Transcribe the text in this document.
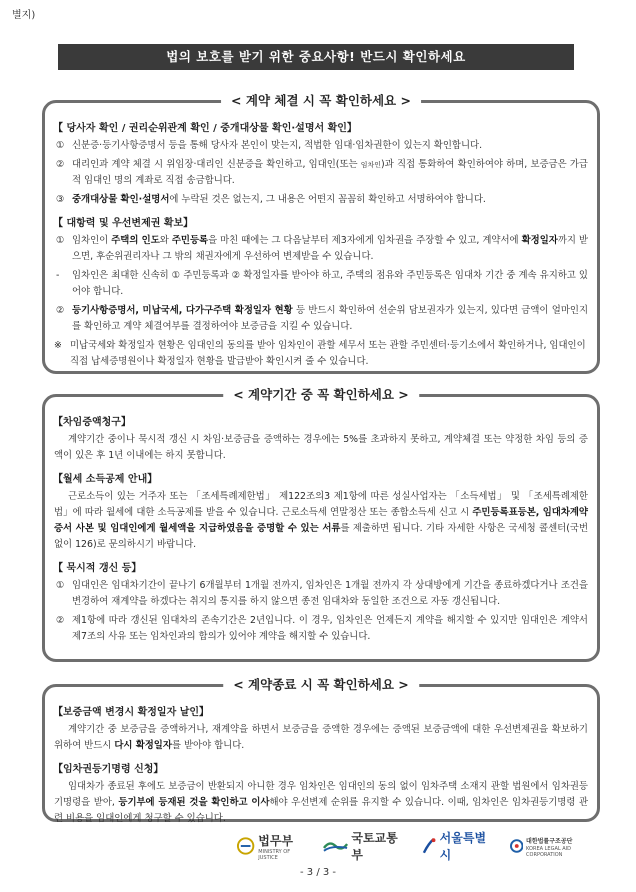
별지)
법의 보호를 받기 위한 중요사항! 반드시 확인하세요
< 계약 체결 시 꼭 확인하세요 >
【 당사자 확인 / 권리순위관계 확인 / 중개대상물 확인·설명서 확인】
① 신분증·등기사항증명서 등을 통해 당사자 본인이 맞는지, 적법한 임대·임차권한이 있는지 확인합니다.
② 대리인과 계약 체결 시 위임장·대리인 신분증을 확인하고, 임대인(또는 임차인)과 직접 통화하여 확인하여야 하며, 보증금은 가급적 임대인 명의 계좌로 직접 송금합니다.
③ 중개대상물 확인·설명서에 누락된 것은 없는지, 그 내용은 어떤지 꼼꼼히 확인하고 서명하여야 합니다.
【 대항력 및 우선변제권 확보】
① 임차인이 주택의 인도와 주민등록을 마친 때에는 그 다음날부터 제3자에게 임차권을 주장할 수 있고, 계약서에 확정일자까지 받으면, 후순위권리자나 그 밖의 채권자에게 우선하여 변제받을 수 있습니다.
-	임차인은 최대한 신속히 ① 주민등록과 ② 확정일자를 받아야 하고, 주택의 점유와 주민등록은 임대차 기간 중 계속 유지하고 있어야 합니다.
② 등기사항증명서, 미납국세, 다가구주택 확정일자 현황 등 반드시 확인하여 선순위 담보권자가 있는지, 있다면 금액이 얼마인지를 확인하고 계약 체결여부를 결정하여야 보증금을 지킬 수 있습니다.
※ 미납국세와 확정일자 현황은 임대인의 동의를 받아 임차인이 관할 세무서 또는 관할 주민센터·등기소에서 확인하거나, 임대인이 직접 납세증명원이나 확정일자 현황을 발급받아 확인시켜 줄 수 있습니다.
< 계약기간 중 꼭 확인하세요 >
【차임증액청구】
계약기간 중이나 묵시적 갱신 시 차임·보증금을 증액하는 경우에는 5%를 초과하지 못하고, 계약체결 또는 약정한 차임 등의 증액이 있은 후 1년 이내에는 하지 못합니다.
【월세 소득공제 안내】
근로소득이 있는 거주자 또는 「조세특례제한법」 제122조의3 제1항에 따른 성실사업자는 「소득세법」 및 「조세특례제한법」에 따라 월세에 대한 소득공제를 받을 수 있습니다. 근로소득세 연말정산 또는 종합소득세 신고 시 주민등록표등본, 임대차계약증서 사본 및 임대인에게 월세액을 지급하였음을 증명할 수 있는 서류를 제출하면 됩니다. 기타 자세한 사항은 국세청 콜센터(국번 없이 126)로 문의하시기 바랍니다.
【 묵시적 갱신 등】
① 임대인은 임대차기간이 끝나기 6개월부터 1개월 전까지, 임차인은 1개월 전까지 각 상대방에게 기간을 종료하겠다거나 조건을 변경하여 재계약을 하겠다는 취지의 통지를 하지 않으면 종전 임대차와 동일한 조건으로 자동 갱신됩니다.
② 제1항에 따라 갱신된 임대차의 존속기간은 2년입니다. 이 경우, 임차인은 언제든지 계약을 해지할 수 있지만 임대인은 계약서 제7조의 사유 또는 임차인과의 합의가 있어야 계약을 해지할 수 있습니다.
< 계약종료 시 꼭 확인하세요 >
【보증금액 변경시 확정일자 날인】
계약기간 중 보증금을 증액하거나, 재계약을 하면서 보증금을 증액한 경우에는 증액된 보증금액에 대한 우선변제권을 확보하기 위하여 반드시 다시 확정일자를 받아야 합니다.
【임차권등기명령 신청】
임대차가 종료된 후에도 보증금이 반환되지 아니한 경우 임차인은 임대인의 동의 없이 임차주택 소재지 관할 법원에서 임차권등기명령을 받아, 등기부에 등재된 것을 확인하고 이사해야 우선변제 순위를 유지할 수 있습니다. 이때, 임차인은 임차권등기명령 관련 비용을 임대인에게 청구할 수 있습니다.
법무부
MINISTRY OF JUSTICE
국토교통부
서울특별시
대한법률구조공단
KOREA LEGAL AID CORPORATION
- 3 / 3 -
